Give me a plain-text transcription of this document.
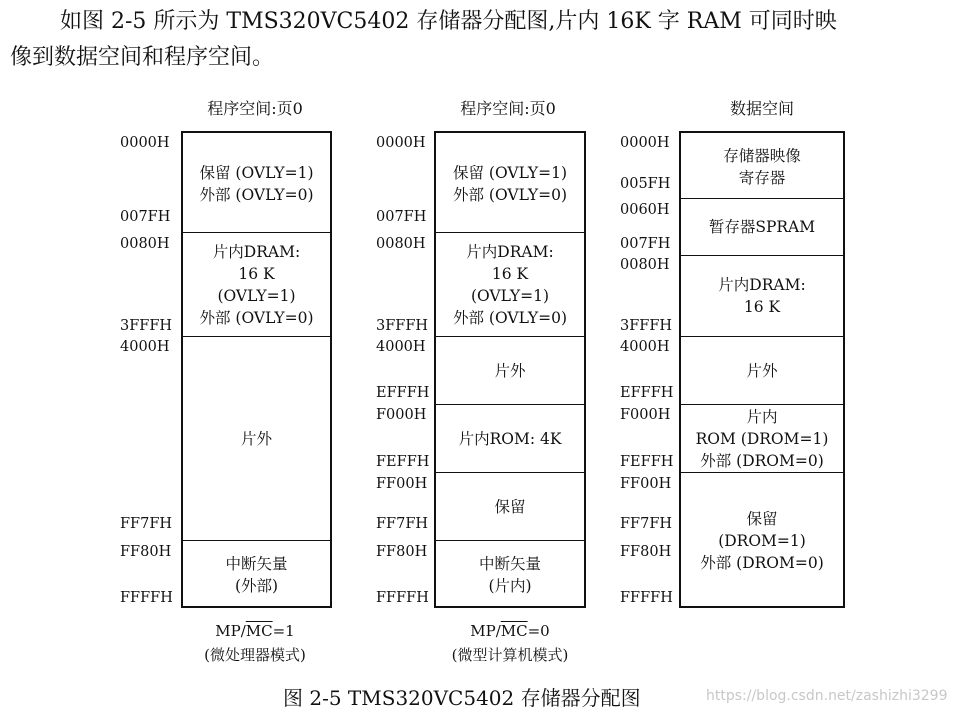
如图 2-5 所示为 TMS320VC5402 存储器分配图,片内 16K 字 RAM 可同时映
像到数据空间和程序空间。
程序空间:页0
保留 (OVLY=1)
外部 (OVLY=0)
片内DRAM:
16 K
(OVLY=1)
外部 (OVLY=0)
片外
中断矢量
(外部)
0000H
007FH
0080H
3FFFH
4000H
FF7FH
FF80H
FFFFH
$MP/\overline{MC}=1$
(微处理器模式)
程序空间:页0
保留 (OVLY=1)
外部 (OVLY=0)
片内DRAM:
16 K
(OVLY=1)
外部 (OVLY=0)
片外
片内ROM: 4K
保留
中断矢量
(片内)
0000H
007FH
0080H
3FFFH
4000H
EFFFH
F000H
FEFFH
FF00H
FF7FH
FF80H
FFFFH
$MP/\overline{MC}=0$
(微型计算机模式)
数据空间
存储器映像
寄存器
暂存器SPRAM
片内DRAM:
16 K
片外
片内
ROM (DROM=1)
外部 (DROM=0)
保留
(DROM=1)
外部 (DROM=0)
0000H
005FH
0060H
007FH
0080H
3FFFH
4000H
EFFFH
F000H
FEFFH
FF00H
FF7FH
FF80H
FFFFH
图 2-5 TMS320VC5402 存储器分配图	https://blog.csdn.net/zashizhi3299
